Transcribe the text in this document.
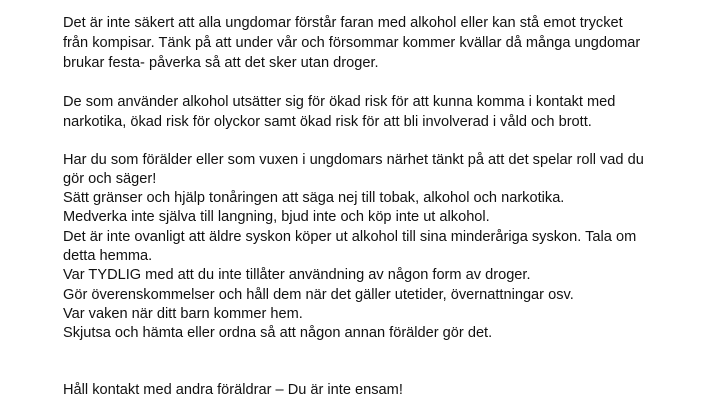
Det är inte säkert att alla ungdomar förstår faran med alkohol eller kan stå emot trycket
från kompisar. Tänk på att under vår och försommar kommer kvällar då många ungdomar
brukar festa- påverka så att det sker utan droger.
De som använder alkohol utsätter sig för ökad risk för att kunna komma i kontakt med
narkotika, ökad risk för olyckor samt ökad risk för att bli involverad i våld och brott.
Har du som förälder eller som vuxen i ungdomars närhet tänkt på att det spelar roll vad du
gör och säger!
Sätt gränser och hjälp tonåringen att säga nej till tobak, alkohol och narkotika.
Medverka inte själva till langning, bjud inte och köp inte ut alkohol.
Det är inte ovanligt att äldre syskon köper ut alkohol till sina minderåriga syskon. Tala om
detta hemma.
Var TYDLIG med att du inte tillåter användning av någon form av droger.
Gör överenskommelser och håll dem när det gäller utetider, övernattningar osv.
Var vaken när ditt barn kommer hem.
Skjutsa och hämta eller ordna så att någon annan förälder gör det.
Håll kontakt med andra föräldrar – Du är inte ensam!
